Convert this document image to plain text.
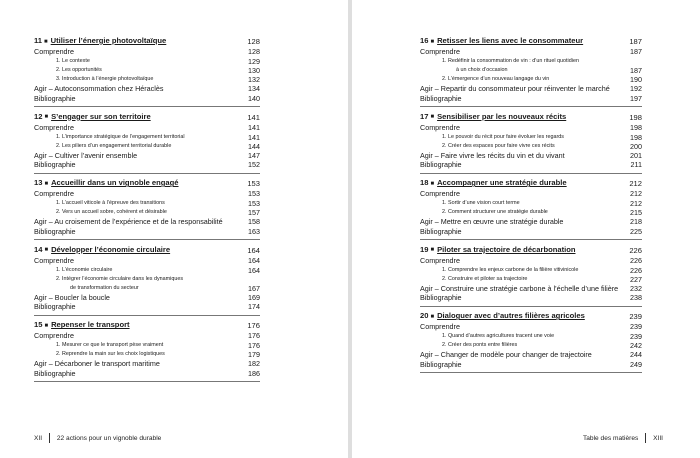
11 ■ Utiliser l’énergie photovoltaïque	128
Comprendre	128
1. Le contexte	129
2. Les opportunités	130
3. Introduction à l’énergie photovoltaïque	132
Agir – Autoconsommation chez Héraclès	134
Bibliographie	140
12 ■ S’engager sur son territoire	141
Comprendre	141
1. L’importance stratégique de l’engagement territorial	141
2. Les piliers d’un engagement territorial durable	144
Agir – Cultiver l’avenir ensemble	147
Bibliographie	152
13 ■ Accueillir dans un vignoble engagé	153
Comprendre	153
1. L’accueil viticole à l’épreuve des transitions	153
2. Vers un accueil sobre, cohérent et désirable	157
Agir – Au croisement de l’expérience et de la responsabilité	158
Bibliographie	163
14 ■ Développer l’économie circulaire	164
Comprendre	164
1. L’économie circulaire	164
2. Intégrer l’économie circulaire dans les dynamiques
de transformation du secteur	167
Agir – Boucler la boucle	169
Bibliographie	174
15 ■ Repenser le transport	176
Comprendre	176
1. Mesurer ce que le transport pèse vraiment	176
2. Reprendre la main sur les choix logistiques	179
Agir – Décarboner le transport maritime	182
Bibliographie	186
XII 22 actions pour un vignoble durable
16 ■ Retisser les liens avec le consommateur	187
Comprendre	187
1. Redéfinir la consommation de vin : d’un rituel quotidien
à un choix d’occasion	187
2. L’émergence d’un nouveau langage du vin	190
Agir – Repartir du consommateur pour réinventer le marché	192
Bibliographie	197
17 ■ Sensibiliser par les nouveaux récits	198
Comprendre	198
1. Le pouvoir du récit pour faire évoluer les regards	198
2. Créer des espaces pour faire vivre ces récits	200
Agir – Faire vivre les récits du vin et du vivant	201
Bibliographie	211
18 ■ Accompagner une stratégie durable	212
Comprendre	212
1. Sortir d’une vision court terme	212
2. Comment structurer une stratégie durable	215
Agir – Mettre en œuvre une stratégie durable	218
Bibliographie	225
19 ■ Piloter sa trajectoire de décarbonation	226
Comprendre	226
1. Comprendre les enjeux carbone de la filière vitivinicole	226
2. Construire et piloter sa trajectoire	227
Agir – Construire une stratégie carbone à l’échelle d’une filière 232
Bibliographie	238
20 ■ Dialoguer avec d’autres filières agricoles	239
Comprendre	239
1. Quand d’autres agricultures tracent une voie	239
2. Créer des ponts entre filières	242
Agir – Changer de modèle pour changer de trajectoire	244
Bibliographie	249
Table des matières XIII
